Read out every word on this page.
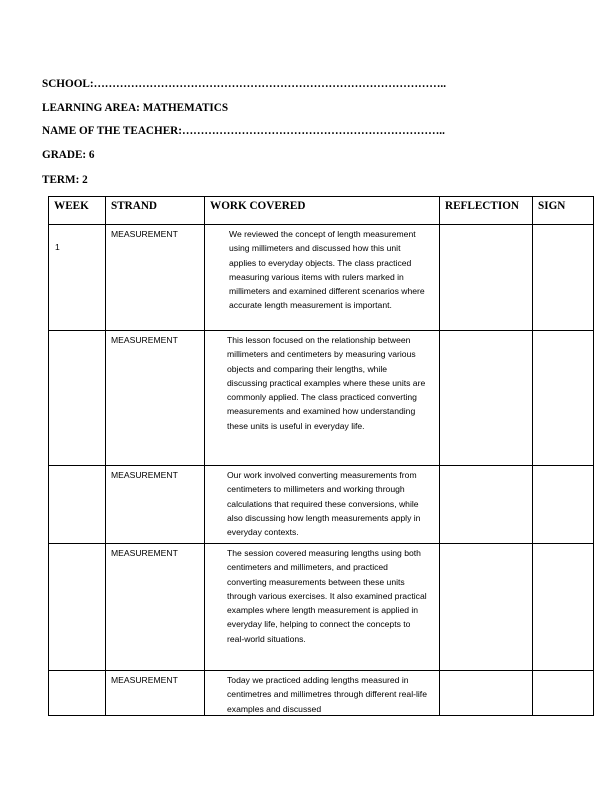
SCHOOL:…………………………………………………………………………………..
LEARNING AREA: MATHEMATICS
NAME OF THE TEACHER:……………………………………………………………..
GRADE: 6
TERM: 2
WEEK	STRAND	WORK COVERED	REFLECTION	SIGN
1	MEASUREMENT	We reviewed the concept of length measurement using millimeters and discussed how this unit applies to everyday objects. The class practiced measuring various items with rulers marked in millimeters and examined different scenarios where accurate length measurement is important.		
	MEASUREMENT	This lesson focused on the relationship between millimeters and centimeters by measuring various objects and comparing their lengths, while discussing practical examples where these units are commonly applied. The class practiced converting measurements and examined how understanding these units is useful in everyday life.		
	MEASUREMENT	Our work involved converting measurements from centimeters to millimeters and working through calculations that required these conversions, while also discussing how length measurements apply in everyday contexts.		
	MEASUREMENT	The session covered measuring lengths using both centimeters and millimeters, and practiced converting measurements between these units through various exercises. It also examined practical examples where length measurement is applied in everyday life, helping to connect the concepts to real-world situations.		
	MEASUREMENT	Today we practiced adding lengths measured in centimetres and millimetres through different real-life examples and discussed		
